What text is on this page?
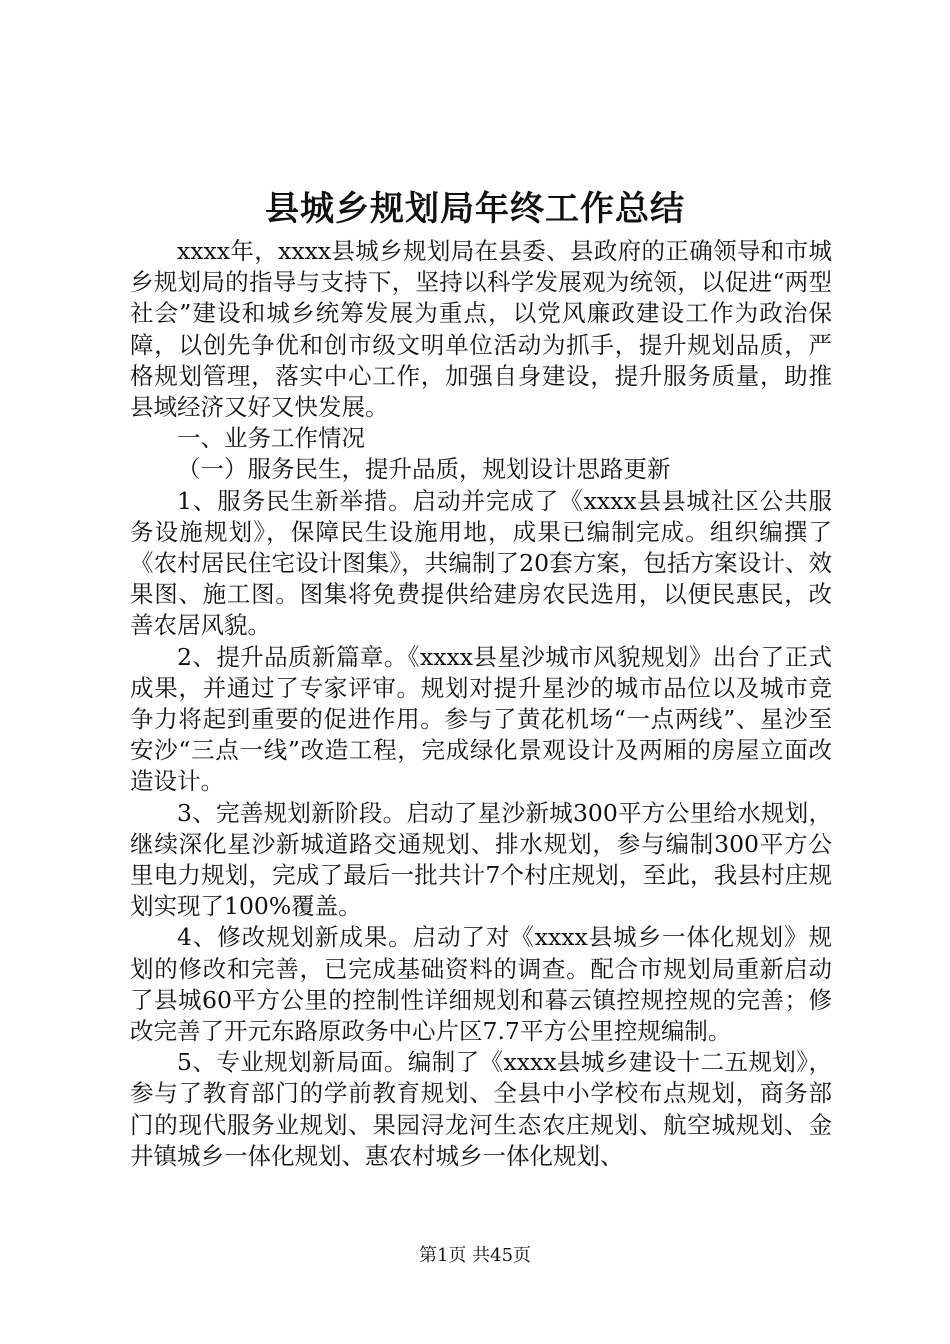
县城乡规划局年终工作总结

xxxx年，xxxx县城乡规划局在县委、县政府的正确领导和市城乡规划局的指导与支持下，坚持以科学发展观为统领，以促进“两型社会”建设和城乡统筹发展为重点，以党风廉政建设工作为政治保障，以创先争优和创市级文明单位活动为抓手，提升规划品质，严格规划管理，落实中心工作，加强自身建设，提升服务质量，助推县域经济又好又快发展。

一、业务工作情况

（一）服务民生，提升品质，规划设计思路更新

1、服务民生新举措。启动并完成了《xxxx县县城社区公共服务设施规划》，保障民生设施用地，成果已编制完成。组织编撰了《农村居民住宅设计图集》，共编制了20套方案，包括方案设计、效果图、施工图。图集将免费提供给建房农民选用，以便民惠民，改善农居风貌。

2、提升品质新篇章。《xxxx县星沙城市风貌规划》出台了正式成果，并通过了专家评审。规划对提升星沙的城市品位以及城市竞争力将起到重要的促进作用。参与了黄花机场“一点两线”、星沙至安沙“三点一线”改造工程，完成绿化景观设计及两厢的房屋立面改造设计。

3、完善规划新阶段。启动了星沙新城300平方公里给水规划，继续深化星沙新城道路交通规划、排水规划，参与编制300平方公里电力规划，完成了最后一批共计7个村庄规划，至此，我县村庄规划实现了100%覆盖。

4、修改规划新成果。启动了对《xxxx县城乡一体化规划》规划的修改和完善，已完成基础资料的调查。配合市规划局重新启动了县城60平方公里的控制性详细规划和暮云镇控规控规的完善；修改完善了开元东路原政务中心片区7.7平方公里控规编制。

5、专业规划新局面。编制了《xxxx县城乡建设十二五规划》，参与了教育部门的学前教育规划、全县中小学校布点规划，商务部门的现代服务业规划、果园浔龙河生态农庄规划、航空城规划、金井镇城乡一体化规划、惠农村城乡一体化规划、

第1页 共45页
